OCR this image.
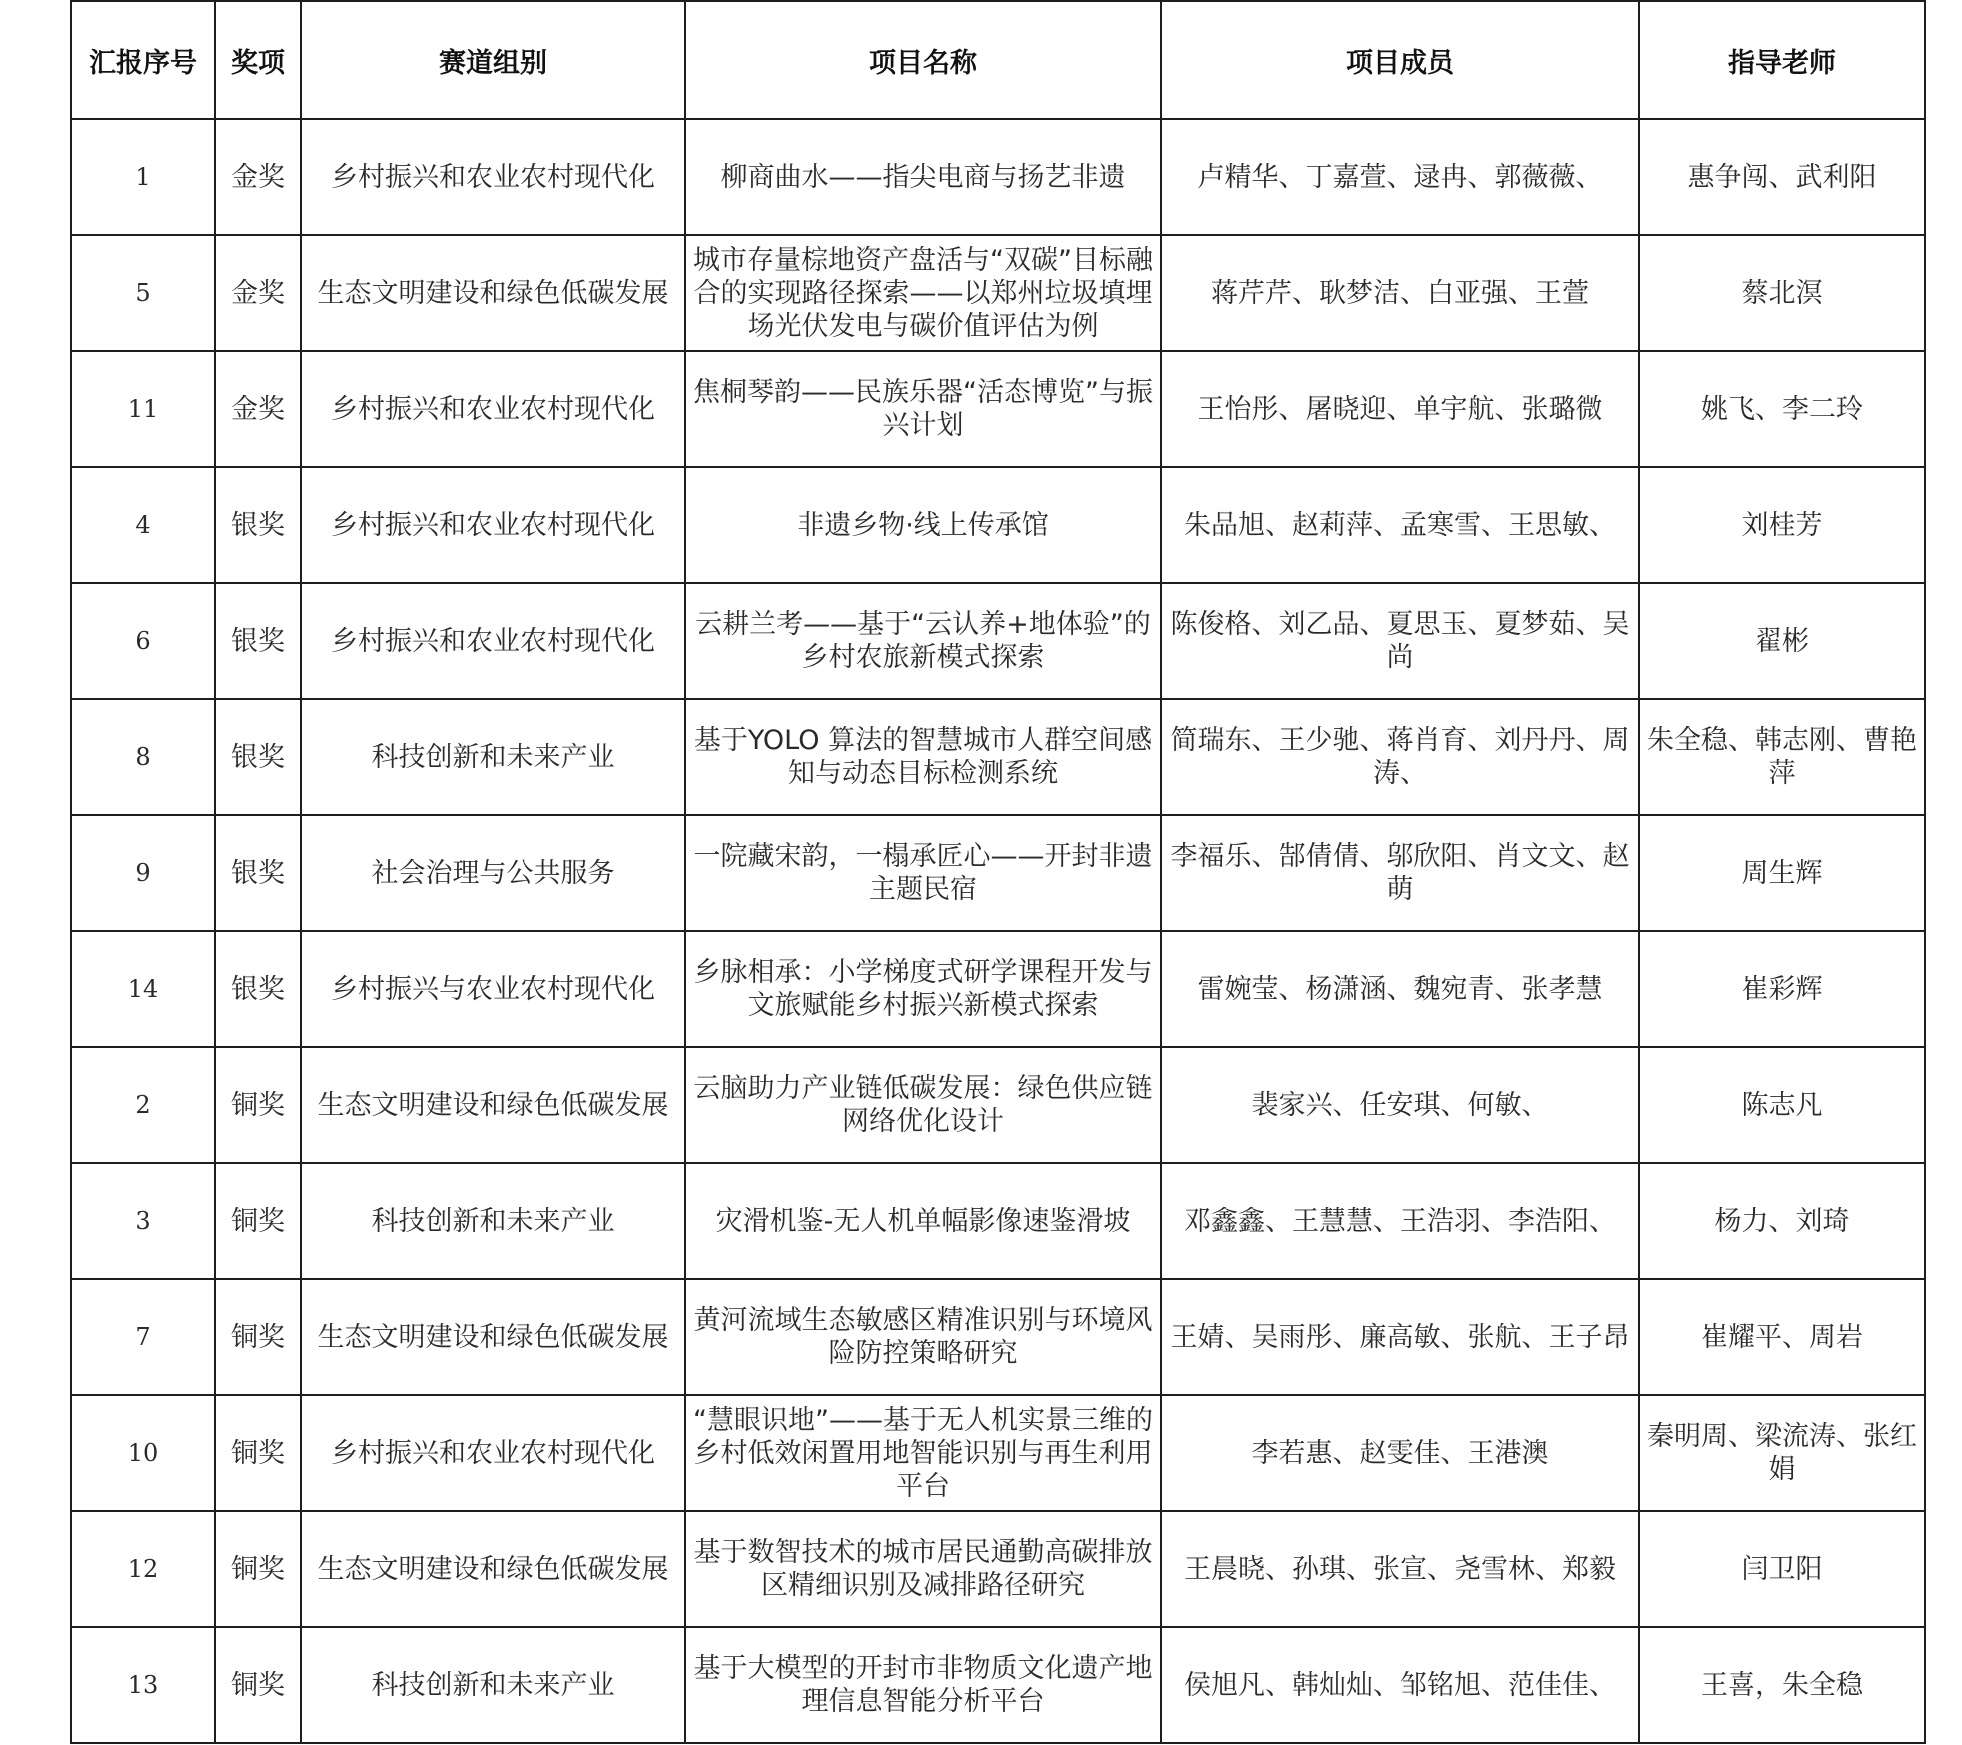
汇报序号	奖项	赛道组别	项目名称	项目成员	指导老师
1	金奖	乡村振兴和农业农村现代化	柳商曲水——指尖电商与扬艺非遗	卢精华、丁嘉萱、逯冉、郭薇薇、	惠争闯、武利阳
5	金奖	生态文明建设和绿色低碳发展	城市存量棕地资产盘活与“双碳”目标融合的实现路径探索——以郑州垃圾填埋场光伏发电与碳价值评估为例	蒋芹芹、耿梦洁、白亚强、王萱	蔡北溟
11	金奖	乡村振兴和农业农村现代化	焦桐琴韵——民族乐器“活态博览”与振兴计划	王怡彤、屠晓迎、单宇航、张璐微	姚飞、李二玲
4	银奖	乡村振兴和农业农村现代化	非遗乡物·线上传承馆	朱品旭、赵莉萍、孟寒雪、王思敏、	刘桂芳
6	银奖	乡村振兴和农业农村现代化	云耕兰考——基于“云认养+地体验”的乡村农旅新模式探索	陈俊格、刘乙品、夏思玉、夏梦茹、吴尚	翟彬
8	银奖	科技创新和未来产业	基于YOLO 算法的智慧城市人群空间感知与动态目标检测系统	简瑞东、王少驰、蒋肖育、刘丹丹、周涛、	朱全稳、韩志刚、曹艳萍
9	银奖	社会治理与公共服务	一院藏宋韵，一榻承匠心——开封非遗主题民宿	李福乐、郜倩倩、邬欣阳、肖文文、赵萌	周生辉
14	银奖	乡村振兴与农业农村现代化	乡脉相承：小学梯度式研学课程开发与文旅赋能乡村振兴新模式探索	雷婉莹、杨潇涵、魏宛青、张孝慧	崔彩辉
2	铜奖	生态文明建设和绿色低碳发展	云脑助力产业链低碳发展：绿色供应链网络优化设计	裴家兴、任安琪、何敏、	陈志凡
3	铜奖	科技创新和未来产业	灾滑机鉴-无人机单幅影像速鉴滑坡	邓鑫鑫、王慧慧、王浩羽、李浩阳、	杨力、刘琦
7	铜奖	生态文明建设和绿色低碳发展	黄河流域生态敏感区精准识别与环境风险防控策略研究	王婧、吴雨彤、廉高敏、张航、王子昂	崔耀平、周岩
10	铜奖	乡村振兴和农业农村现代化	“慧眼识地”——基于无人机实景三维的乡村低效闲置用地智能识别与再生利用平台	李若惠、赵雯佳、王港澳	秦明周、梁流涛、张红娟
12	铜奖	生态文明建设和绿色低碳发展	基于数智技术的城市居民通勤高碳排放区精细识别及减排路径研究	王晨晓、孙琪、张宣、尧雪林、郑毅	闫卫阳
13	铜奖	科技创新和未来产业	基于大模型的开封市非物质文化遗产地理信息智能分析平台	侯旭凡、韩灿灿、邹铭旭、范佳佳、	王喜，朱全稳
